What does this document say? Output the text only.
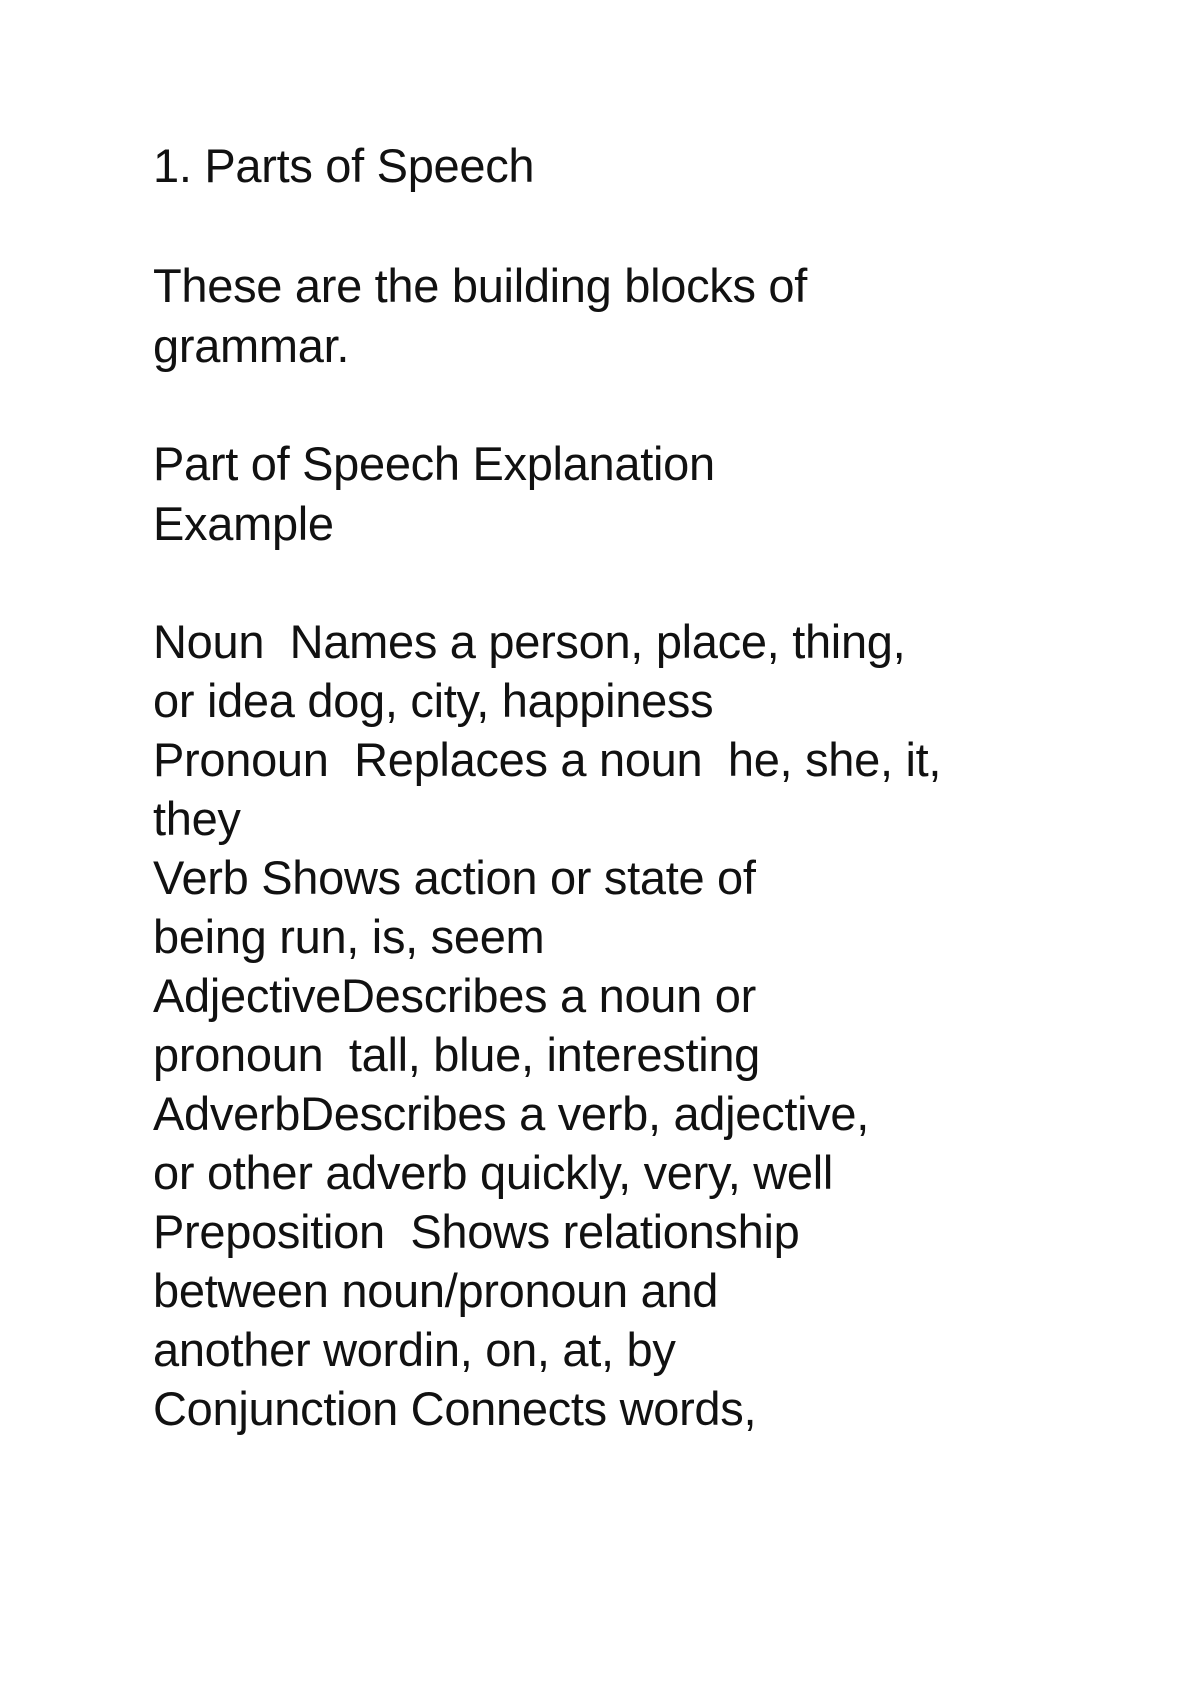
1. Parts of Speech
These are the building blocks of
grammar.
Part of Speech Explanation
Example
Noun  Names a person, place, thing,
or idea dog, city, happiness
Pronoun  Replaces a noun  he, she, it,
they
Verb Shows action or state of
being run, is, seem
AdjectiveDescribes a noun or
pronoun  tall, blue, interesting
AdverbDescribes a verb, adjective,
or other adverb quickly, very, well
Preposition  Shows relationship
between noun/pronoun and
another wordin, on, at, by
Conjunction Connects words,
